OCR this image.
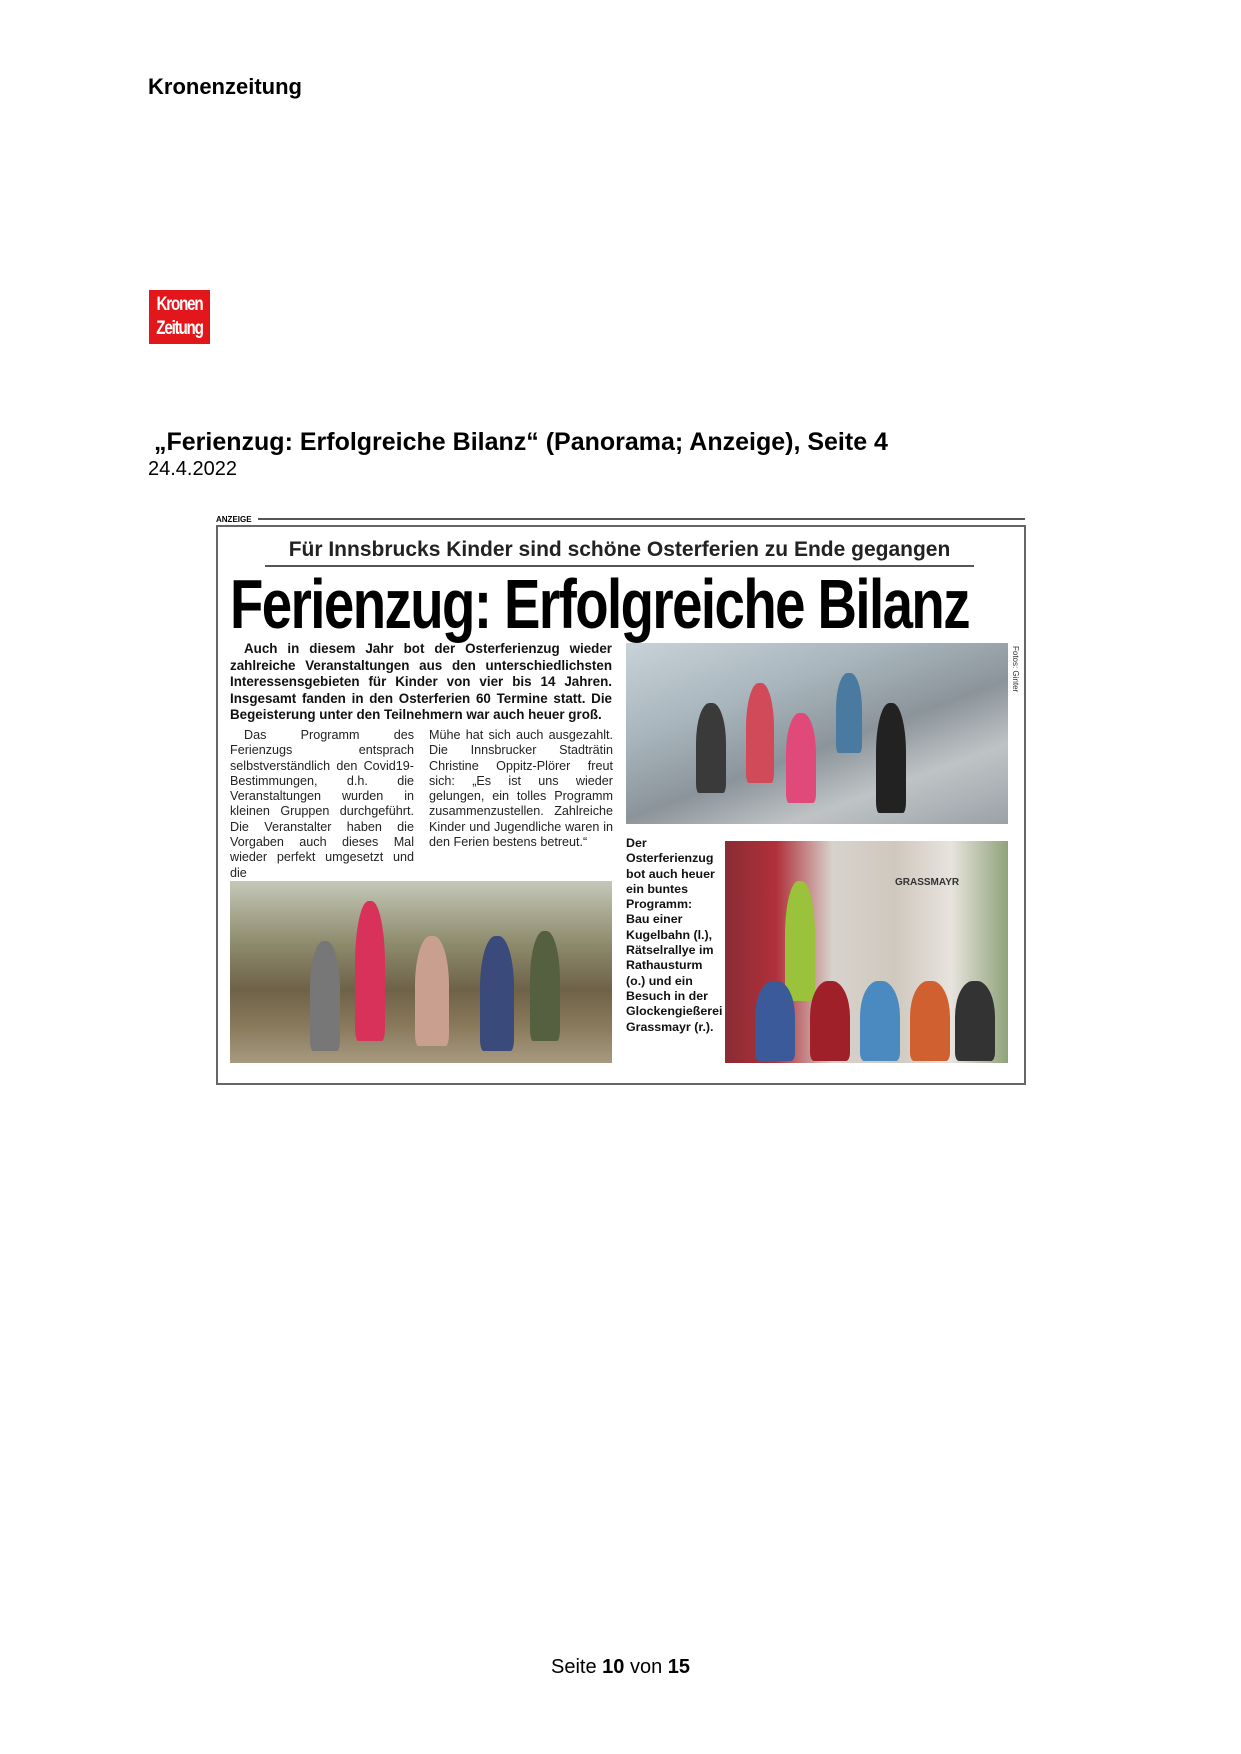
Kronenzeitung
Kronen
Zeitung
„Ferienzug: Erfolgreiche Bilanz“ (Panorama; Anzeige), Seite 4
24.4.2022
ANZEIGE
Für Innsbrucks Kinder sind schöne Osterferien zu Ende gegangen
Ferienzug: Erfolgreiche Bilanz
Auch in diesem Jahr bot der Osterferienzug wieder zahlreiche Veranstaltungen aus den unterschiedlichsten Interessensgebieten für Kinder von vier bis 14 Jahren. Insgesamt fanden in den Osterferien 60 Termine statt. Die Begeisterung unter den Teilnehmern war auch heuer groß.
Das Programm des Ferienzugs entsprach selbstverständlich den Covid19-Bestimmungen, d.h. die Veranstaltungen wurden in kleinen Gruppen durchgeführt. Die Veranstalter haben die Vorgaben auch dieses Mal wieder perfekt umgesetzt und die
Mühe hat sich auch ausgezahlt. Die Innsbrucker Stadträtin Christine Oppitz-Plörer freut sich: „Es ist uns wieder gelungen, ein tolles Programm zusammenzustellen. Zahlreiche Kinder und Jugendliche waren in den Ferien bestens betreut.“
Fotos: Ginter
Der Osterferienzug bot auch heuer ein buntes Programm: Bau einer Kugelbahn (l.), Rätselrallye im Rathausturm (o.) und ein Besuch in der Glockengießerei Grassmayr (r.).
GRASSMAYR
Seite 10 von 15
